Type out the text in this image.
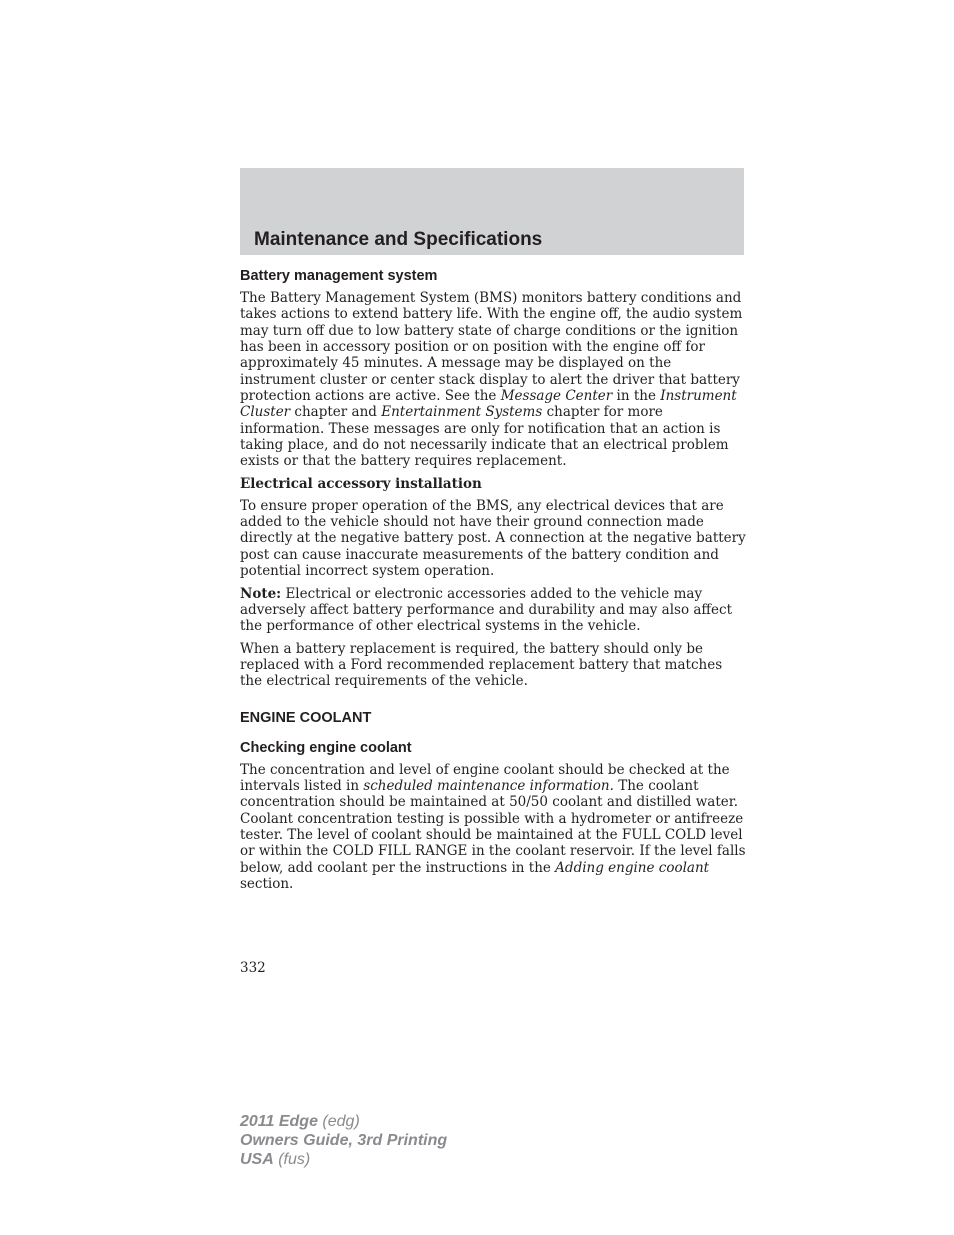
Maintenance and Specifications
Battery management system

The Battery Management System (BMS) monitors battery conditions and takes actions to extend battery life. With the engine off, the audio system may turn off due to low battery state of charge conditions or the ignition has been in accessory position or on position with the engine off for approximately 45 minutes. A message may be displayed on the instrument cluster or center stack display to alert the driver that battery protection actions are active. See the Message Center in the Instrument Cluster chapter and Entertainment Systems chapter for more information. These messages are only for notification that an action is taking place, and do not necessarily indicate that an electrical problem exists or that the battery requires replacement.

Electrical accessory installation

To ensure proper operation of the BMS, any electrical devices that are added to the vehicle should not have their ground connection made directly at the negative battery post. A connection at the negative battery post can cause inaccurate measurements of the battery condition and potential incorrect system operation.

Note: Electrical or electronic accessories added to the vehicle may adversely affect battery performance and durability and may also affect the performance of other electrical systems in the vehicle.

When a battery replacement is required, the battery should only be replaced with a Ford recommended replacement battery that matches the electrical requirements of the vehicle.

ENGINE COOLANT
Checking engine coolant

The concentration and level of engine coolant should be checked at the intervals listed in scheduled maintenance information. The coolant concentration should be maintained at 50/50 coolant and distilled water. Coolant concentration testing is possible with a hydrometer or antifreeze tester. The level of coolant should be maintained at the FULL COLD level or within the COLD FILL RANGE in the coolant reservoir. If the level falls below, add coolant per the instructions in the Adding engine coolant section.

332
2011 Edge (edg)
Owners Guide, 3rd Printing
USA (fus)
